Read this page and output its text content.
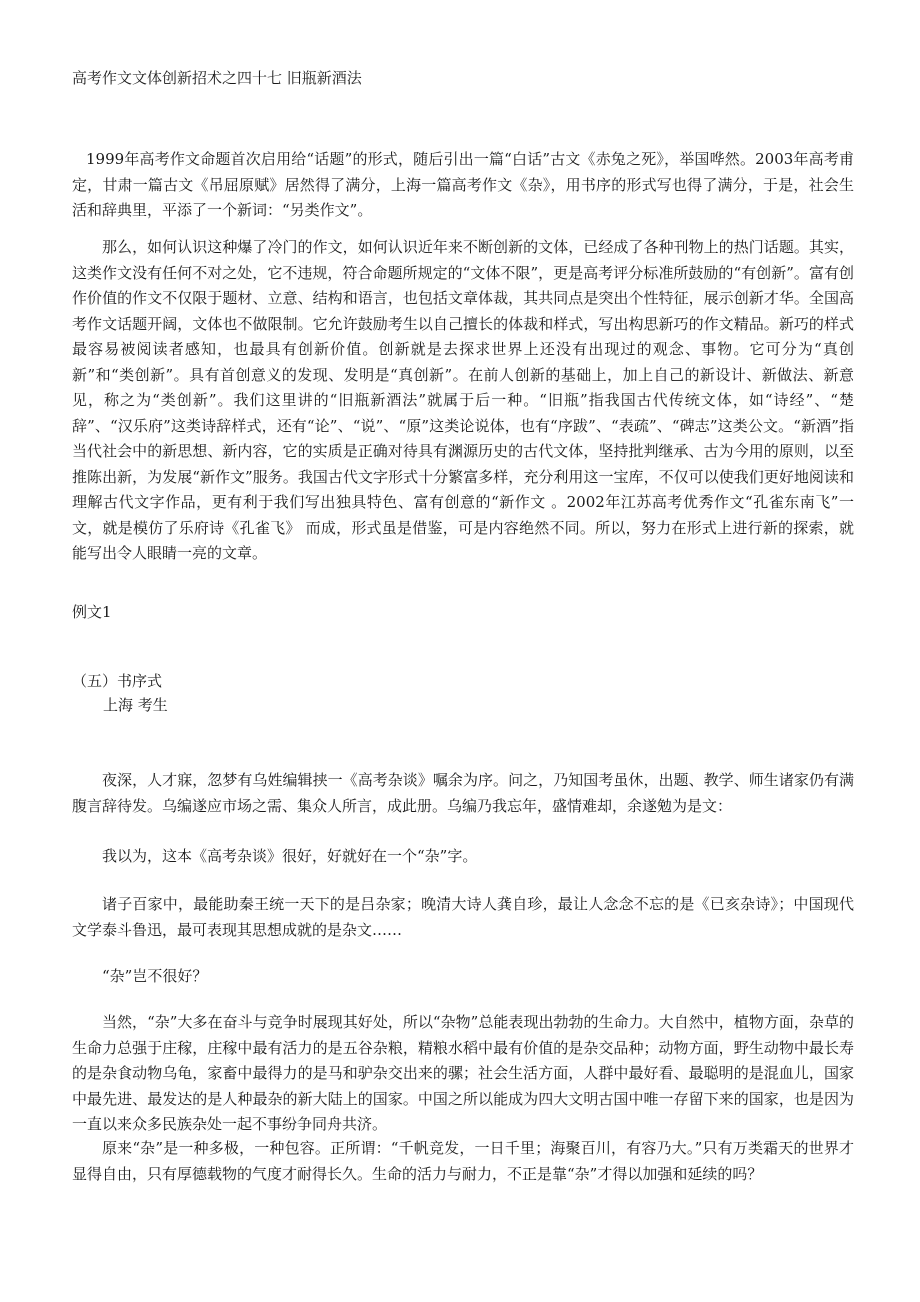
高考作文文体创新招术之四十七 旧瓶新酒法
1999年高考作文命题首次启用给“话题”的形式，随后引出一篇“白话”古文《赤兔之死》，举国哗然。2003年高考甫定，甘肃一篇古文《吊屈原赋》居然得了满分，上海一篇高考作文《杂》，用书序的形式写也得了满分，于是，社会生活和辞典里，平添了一个新词：“另类作文”。
那么，如何认识这种爆了冷门的作文，如何认识近年来不断创新的文体，已经成了各种刊物上的热门话题。其实，这类作文没有任何不对之处，它不违规，符合命题所规定的“文体不限”，更是高考评分标准所鼓励的“有创新”。富有创作价值的作文不仅限于题材、立意、结构和语言，也包括文章体裁，其共同点是突出个性特征，展示创新才华。全国高考作文话题开阔，文体也不做限制。它允许鼓励考生以自己擅长的体裁和样式，写出构思新巧的作文精品。新巧的样式最容易被阅读者感知，也最具有创新价值。创新就是去探求世界上还没有出现过的观念、事物。它可分为“真创新”和“类创新”。具有首创意义的发现、发明是“真创新”。在前人创新的基础上，加上自己的新设计、新做法、新意见，称之为“类创新”。我们这里讲的“旧瓶新酒法”就属于后一种。“旧瓶”指我国古代传统文体，如“诗经”、“楚辞”、“汉乐府”这类诗辞样式，还有“论”、“说”、“原”这类论说体，也有“序跋”、“表疏”、“碑志”这类公文。“新酒”指当代社会中的新思想、新内容，它的实质是正确对待具有渊源历史的古代文体，坚持批判继承、古为今用的原则，以至推陈出新，为发展“新作文”服务。我国古代文字形式十分繁富多样，充分利用这一宝库，不仅可以使我们更好地阅读和理解古代文字作品，更有利于我们写出独具特色、富有创意的“新作文 。2002年江苏高考优秀作文“孔雀东南飞”一文，就是模仿了乐府诗《孔雀飞》 而成，形式虽是借鉴，可是内容绝然不同。所以，努力在形式上进行新的探索，就能写出令人眼睛一亮的文章。
例文1
（五）书序式
上海 考生
夜深，人才寐，忽梦有乌姓编辑挟一《高考杂谈》嘱余为序。问之，乃知国考虽休，出题、教学、师生诸家仍有满腹言辞待发。乌编遂应市场之需、集众人所言，成此册。乌编乃我忘年，盛情难却，余遂勉为是文：
我以为，这本《高考杂谈》很好，好就好在一个“杂”字。
诸子百家中，最能助秦王统一天下的是吕杂家；晚清大诗人龚自珍，最让人念念不忘的是《已亥杂诗》；中国现代文学泰斗鲁迅，最可表现其思想成就的是杂文……
“杂”岂不很好？
当然，“杂”大多在奋斗与竞争时展现其好处，所以“杂物”总能表现出勃勃的生命力。大自然中，植物方面，杂草的生命力总强于庄稼，庄稼中最有活力的是五谷杂粮，精粮水稻中最有价值的是杂交品种；动物方面，野生动物中最长寿的是杂食动物乌龟，家畜中最得力的是马和驴杂交出来的骡；社会生活方面，人群中最好看、最聪明的是混血儿，国家中最先进、最发达的是人种最杂的新大陆上的国家。中国之所以能成为四大文明古国中唯一存留下来的国家，也是因为一直以来众多民族杂处一起不事纷争同舟共济。
原来“杂”是一种多极，一种包容。正所谓：“千帆竞发，一日千里；海聚百川，有容乃大。”只有万类霜天的世界才显得自由，只有厚德载物的气度才耐得长久。生命的活力与耐力，不正是靠“杂”才得以加强和延续的吗？
